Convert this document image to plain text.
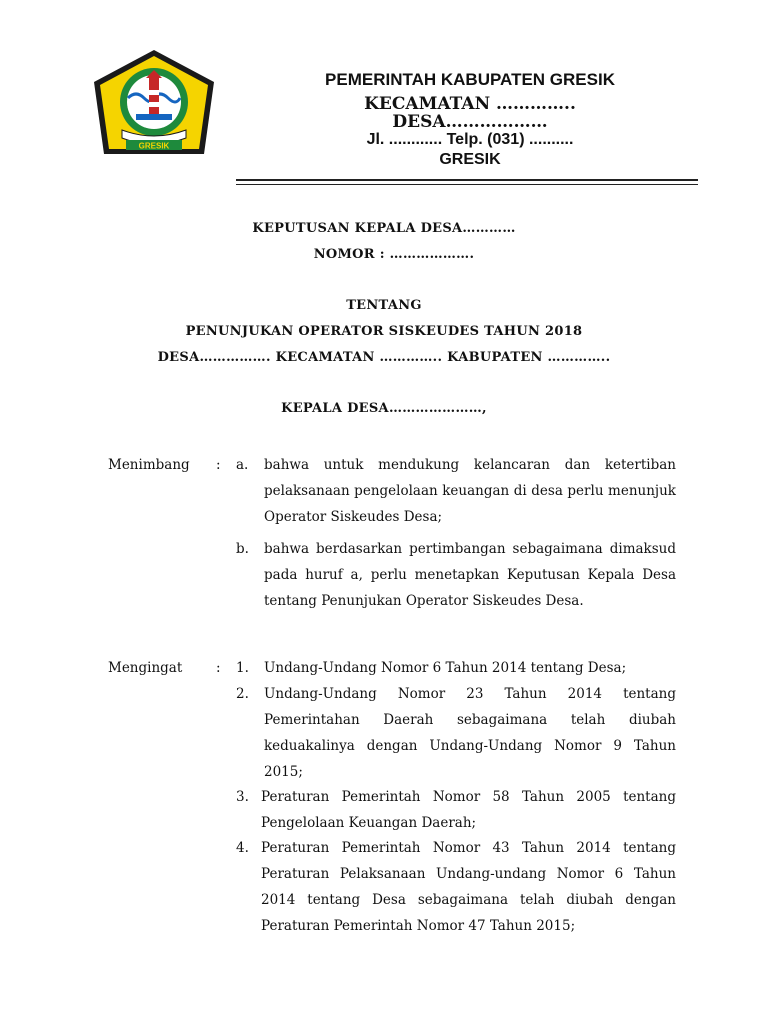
GRESIK
PEMERINTAH KABUPATEN GRESIK
KECAMATAN …………..
DESA………………
Jl. ............ Telp. (031) ..........
GRESIK
KEPUTUSAN KEPALA DESA…………
NOMOR : ……………….
TENTANG
PENUNJUKAN OPERATOR SISKEUDES TAHUN 2018
DESA……………. KECAMATAN ………….. KABUPATEN …………..
KEPALA DESA…………………,
Menimbang : a. bahwa untuk mendukung kelancaran dan ketertiban pelaksanaan pengelolaan keuangan di desa perlu menunjuk Operator Siskeudes Desa;
b. bahwa berdasarkan pertimbangan sebagaimana dimaksud pada huruf a, perlu menetapkan Keputusan Kepala Desa tentang Penunjukan Operator Siskeudes Desa.
Mengingat : 1. Undang-Undang Nomor 6 Tahun 2014 tentang Desa;
2. Undang-Undang Nomor 23 Tahun 2014 tentang Pemerintahan Daerah sebagaimana telah diubah keduakalinya dengan Undang-Undang Nomor 9 Tahun 2015;
3. Peraturan Pemerintah Nomor 58 Tahun 2005 tentang Pengelolaan Keuangan Daerah;
4. Peraturan Pemerintah Nomor 43 Tahun 2014 tentang Peraturan Pelaksanaan Undang-undang Nomor 6 Tahun 2014 tentang Desa sebagaimana telah diubah dengan Peraturan Pemerintah Nomor 47 Tahun 2015;
